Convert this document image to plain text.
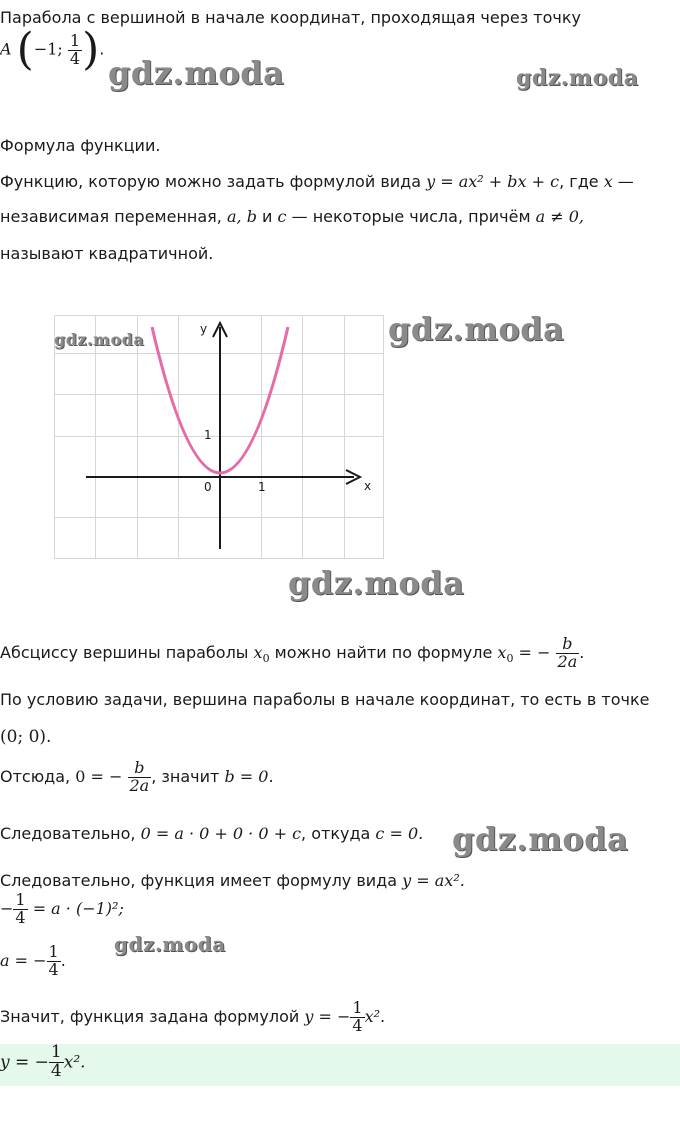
Парабола с вершиной в начале координат, проходящая через точку
A (−1; $\frac{1}{4}$ ).
Формула функции.
Функцию, которую можно задать формулой вида y = ax² + bx + c, где x —
независимая переменная, a, b и c — некоторые числа, причём a ≠ 0,
называют квадратичной.
y
x
0	1
1
Абсциссу вершины параболы $x_0$ можно найти по формуле $x_0$ = − $\frac{b}{2a}$ .
По условию задачи, вершина параболы в начале координат, то есть в точке
(0; 0).
Отсюда, 0 = − $\frac{b}{2a}$ , значит b = 0.
Следовательно, 0 = a · 0 + 0 · 0 + c, откуда c = 0.
Следовательно, функция имеет формулу вида y = ax².
− $\frac{1}{4} = a \cdot (-1)^2$;
a = − $\frac{1}{4}$ .
Значит, функция задана формулой y = − $\frac{1}{4} x^2$.
y = − $\frac{1}{4} x^2$.
gdz.moda	gdz.moda
gdz.moda	gdz.moda
gdz.moda
gdz.moda
gdz.moda
